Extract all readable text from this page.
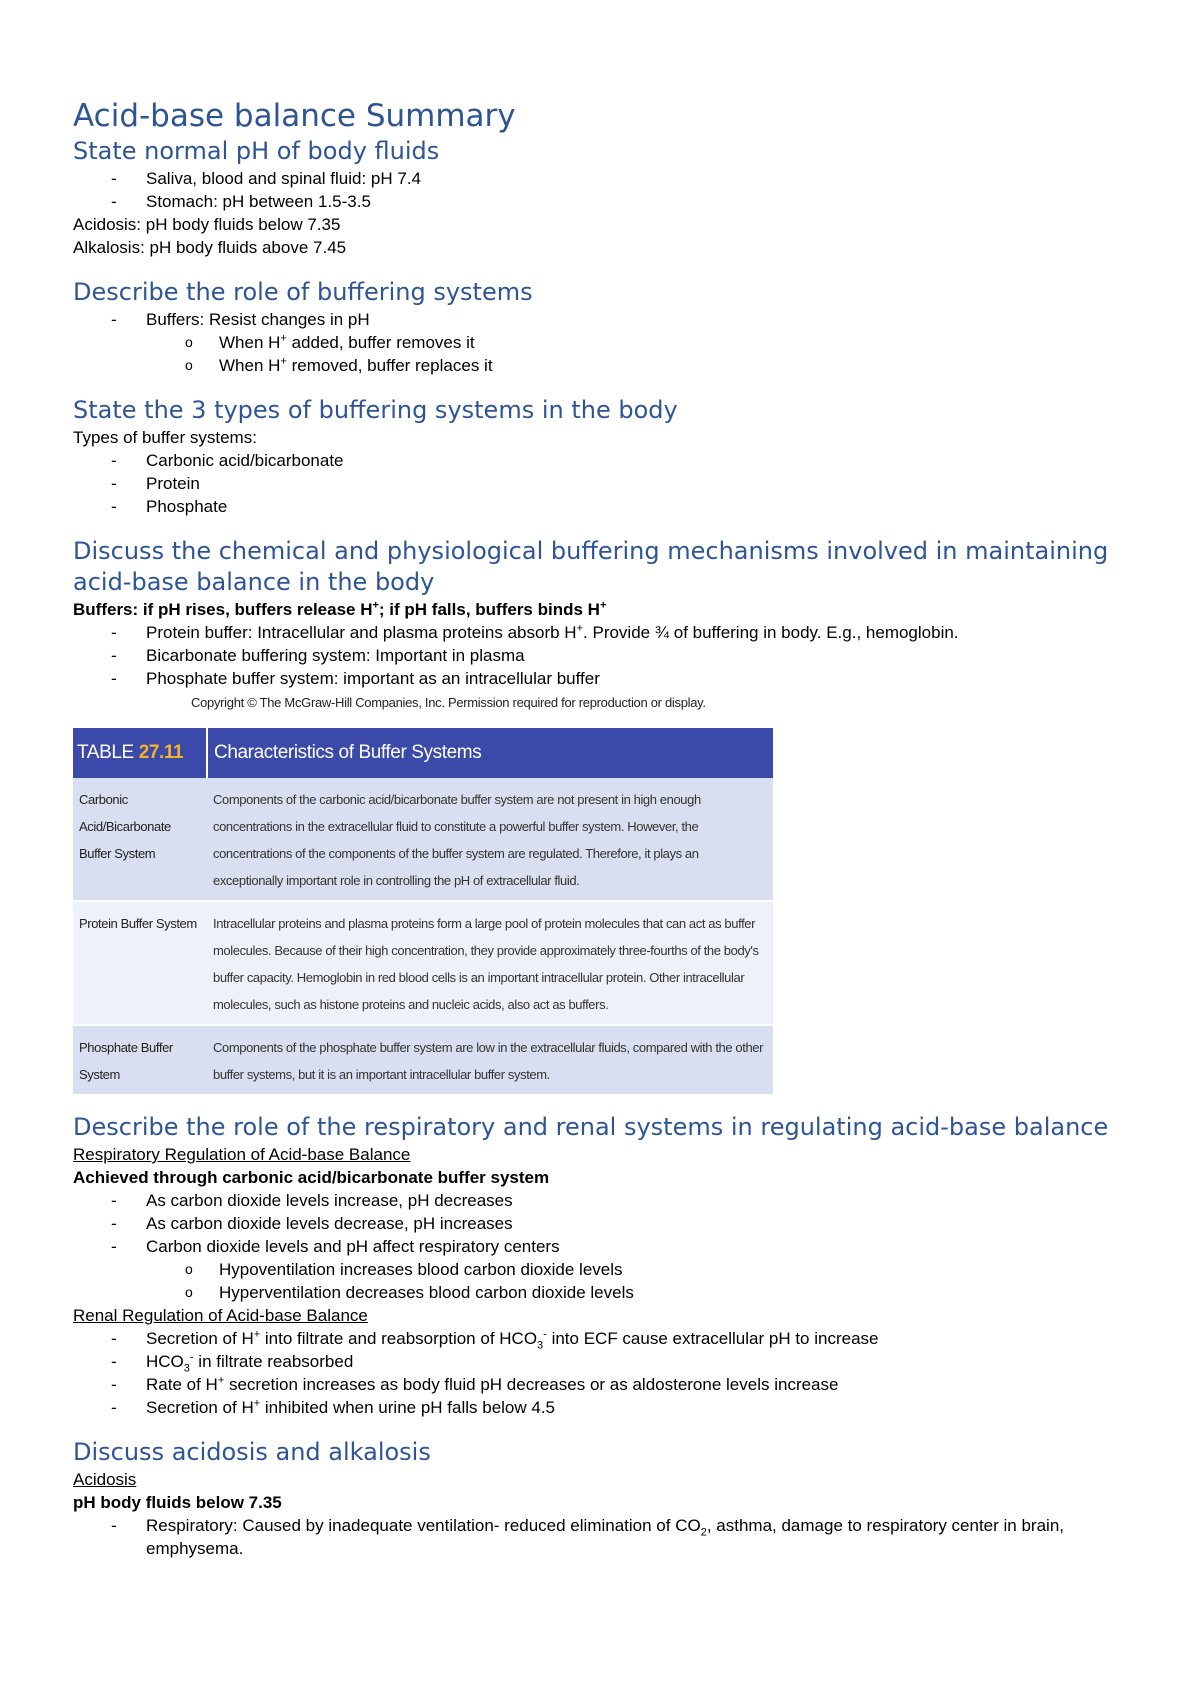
Acid-base balance Summary
State normal pH of body fluids
- Saliva, blood and spinal fluid: pH 7.4
- Stomach: pH between 1.5-3.5

Acidosis: pH body fluids below 7.35

Alkalosis: pH body fluids above 7.45

Describe the role of buffering systems
- Buffers: Resist changes in pH
o When H+ added, buffer removes it
o When H+ removed, buffer replaces it
State the 3 types of buffering systems in the body

Types of buffer systems:

- Carbonic acid/bicarbonate
- Protein
- Phosphate
Discuss the chemical and physiological buffering mechanisms involved in maintaining acid-base balance in the body

Buffers: if pH rises, buffers release H+; if pH falls, buffers binds H+

- Protein buffer: Intracellular and plasma proteins absorb H+. Provide ¾ of buffering in body. E.g., hemoglobin.
- Bicarbonate buffering system: Important in plasma
- Phosphate buffer system: important as an intracellular buffer
Copyright © The McGraw-Hill Companies, Inc. Permission required for reproduction or display.
TABLE 27.11	Characteristics of Buffer Systems
Carbonic Acid/Bicarbonate Buffer System	Components of the carbonic acid/bicarbonate buffer system are not present in high enough concentrations in the extracellular fluid to constitute a powerful buffer system. However, the concentrations of the components of the buffer system are regulated. Therefore, it plays an exceptionally important role in controlling the pH of extracellular fluid.

Protein Buffer System	Intracellular proteins and plasma proteins form a large pool of protein molecules that can act as buffer molecules. Because of their high concentration, they provide approximately three-fourths of the body's buffer capacity. Hemoglobin in red blood cells is an important intracellular protein. Other intracellular molecules, such as histone proteins and nucleic acids, also act as buffers.

Phosphate Buffer System	Components of the phosphate buffer system are low in the extracellular fluids, compared with the other buffer systems, but it is an important intracellular buffer system.
Describe the role of the respiratory and renal systems in regulating acid-base balance

Respiratory Regulation of Acid-base Balance

Achieved through carbonic acid/bicarbonate buffer system

- As carbon dioxide levels increase, pH decreases
- As carbon dioxide levels decrease, pH increases
- Carbon dioxide levels and pH affect respiratory centers
o Hypoventilation increases blood carbon dioxide levels
o Hyperventilation decreases blood carbon dioxide levels

Renal Regulation of Acid-base Balance

- Secretion of H+ into filtrate and reabsorption of $HCO_3^-$ into ECF cause extracellular pH to increase
- $HCO_3^-$ in filtrate reabsorbed
- Rate of H+ secretion increases as body fluid pH decreases or as aldosterone levels increase
- Secretion of H+ inhibited when urine pH falls below 4.5
Discuss acidosis and alkalosis

Acidosis

pH body fluids below 7.35

- Respiratory: Caused by inadequate ventilation- reduced elimination of $CO_2$, asthma, damage to respiratory center in brain, emphysema.
